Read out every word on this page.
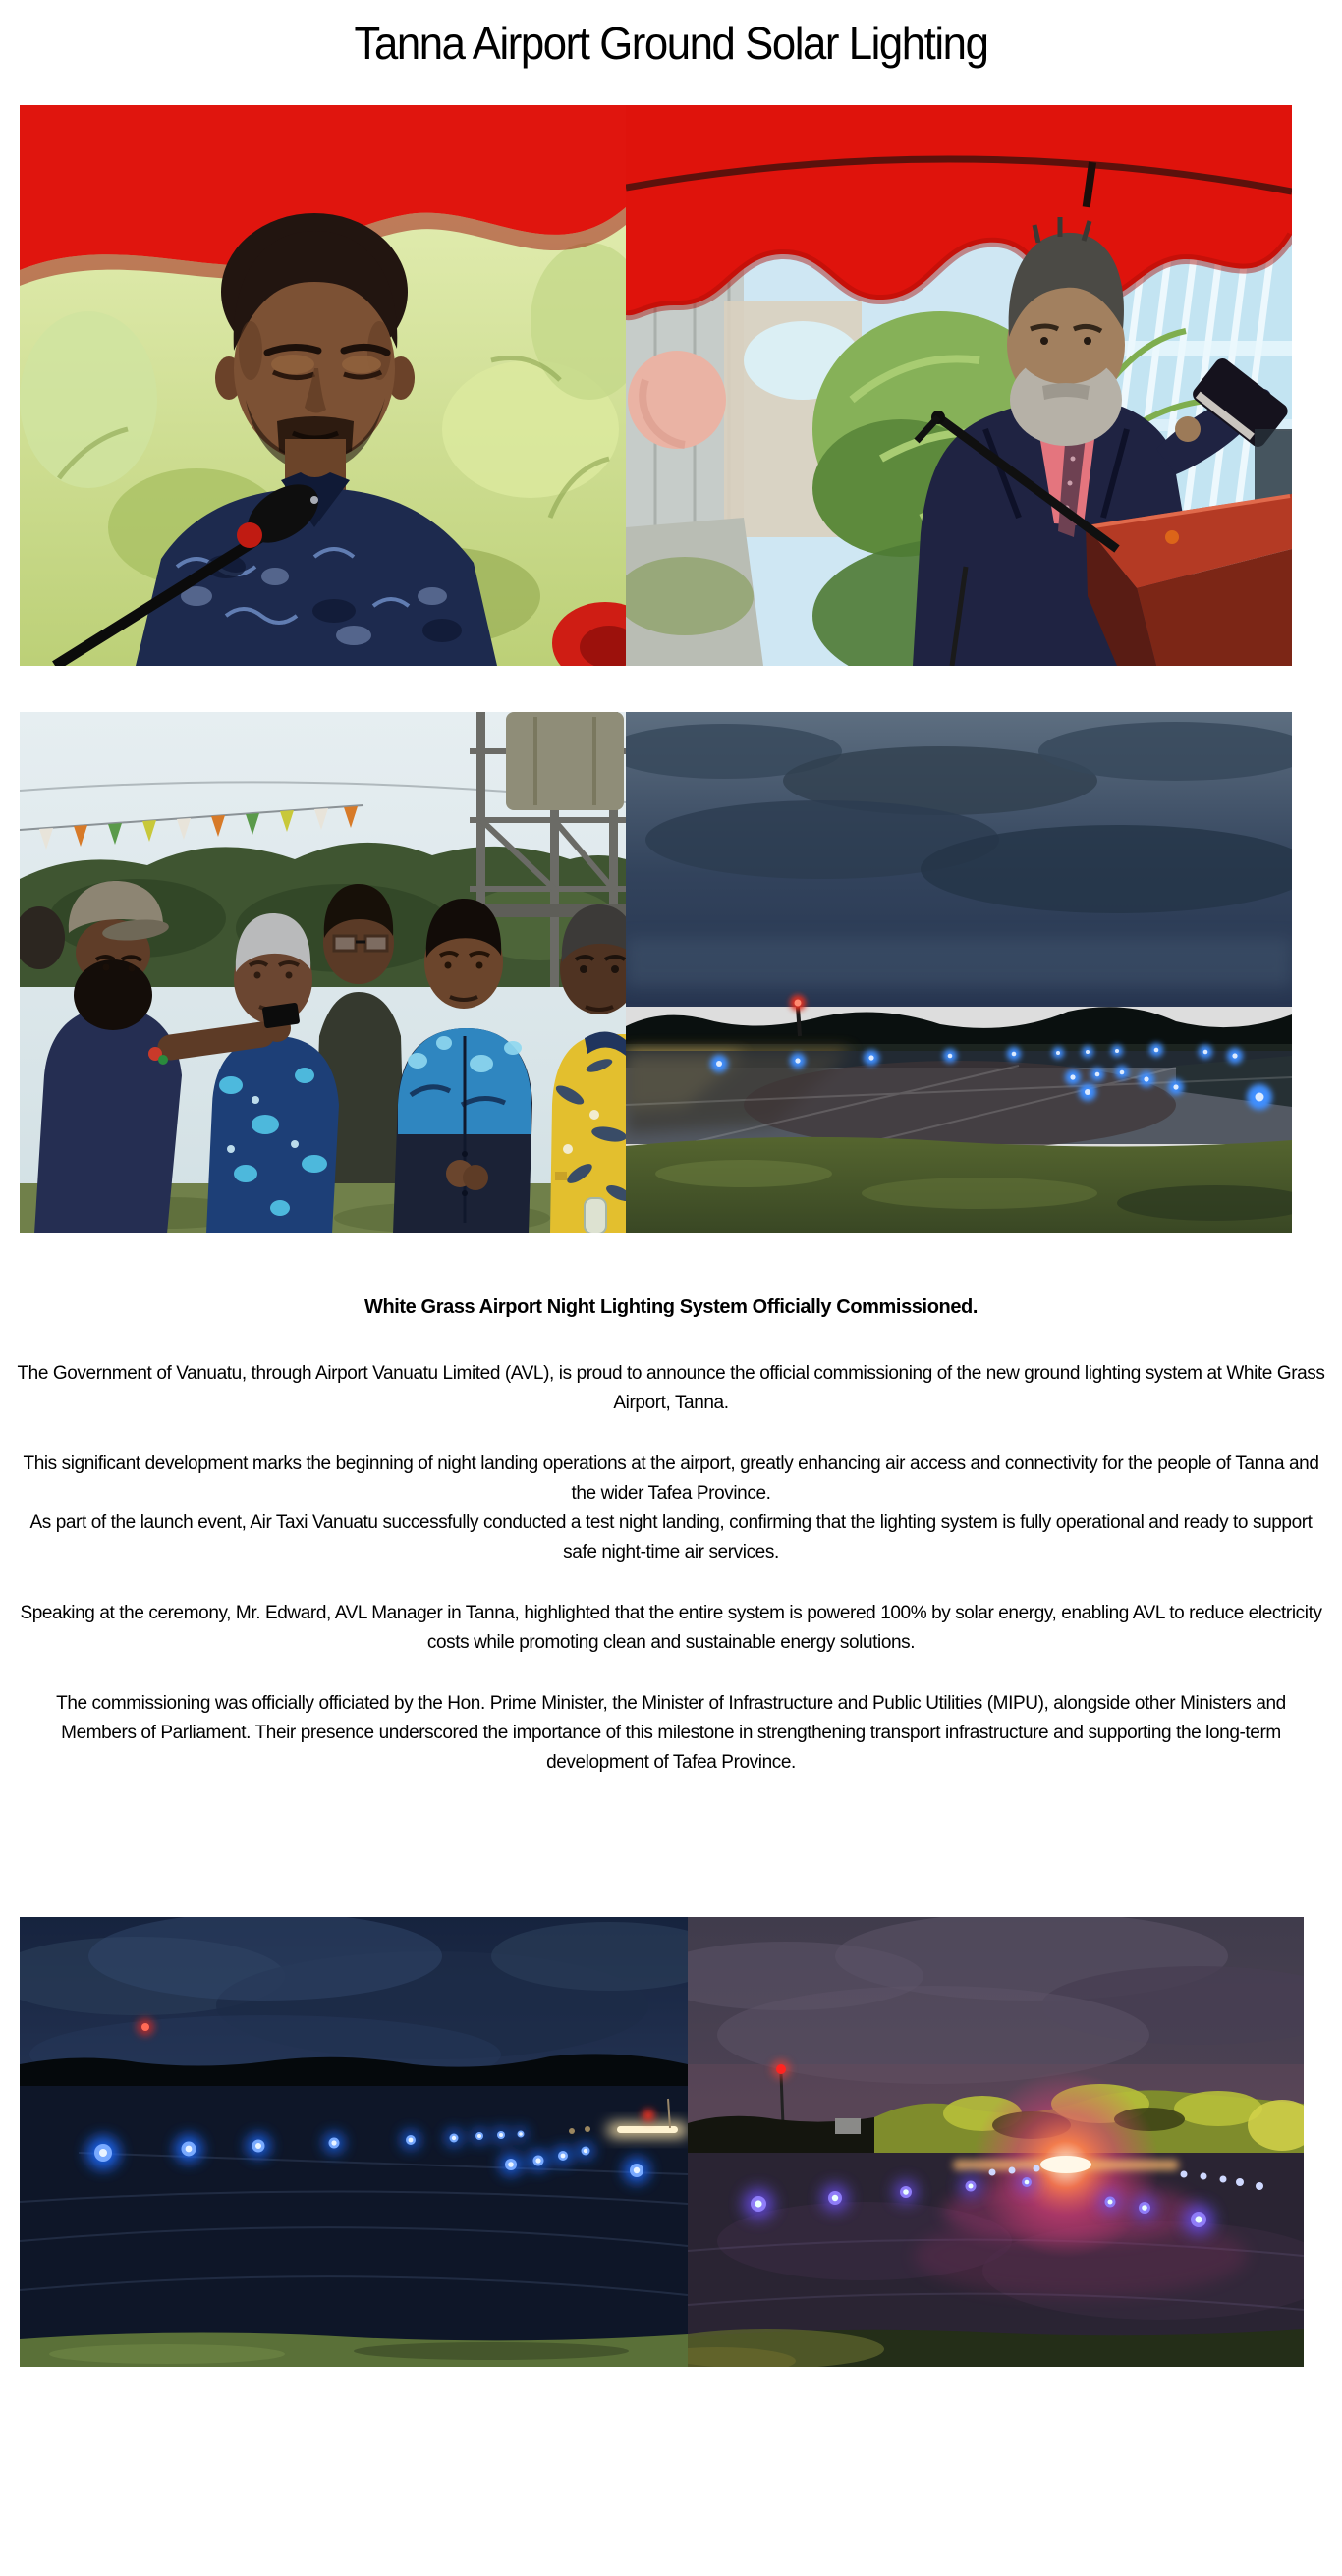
Tanna Airport Ground Solar Lighting
White Grass Airport Night Lighting System Officially Commissioned.

The Government of Vanuatu, through Airport Vanuatu Limited (AVL), is proud to announce the official commissioning of the new ground lighting system at White Grass Airport, Tanna.

This significant development marks the beginning of night landing operations at the airport, greatly enhancing air access and connectivity for the people of Tanna and the wider Tafea Province.

As part of the launch event, Air Taxi Vanuatu successfully conducted a test night landing, confirming that the lighting system is fully operational and ready to support safe night-time air services.

Speaking at the ceremony, Mr. Edward, AVL Manager in Tanna, highlighted that the entire system is powered 100% by solar energy, enabling AVL to reduce electricity costs while promoting clean and sustainable energy solutions.

The commissioning was officially officiated by the Hon. Prime Minister, the Minister of Infrastructure and Public Utilities (MIPU), alongside other Ministers and Members of Parliament. Their presence underscored the importance of this milestone in strengthening transport infrastructure and supporting the long-term development of Tafea Province.
